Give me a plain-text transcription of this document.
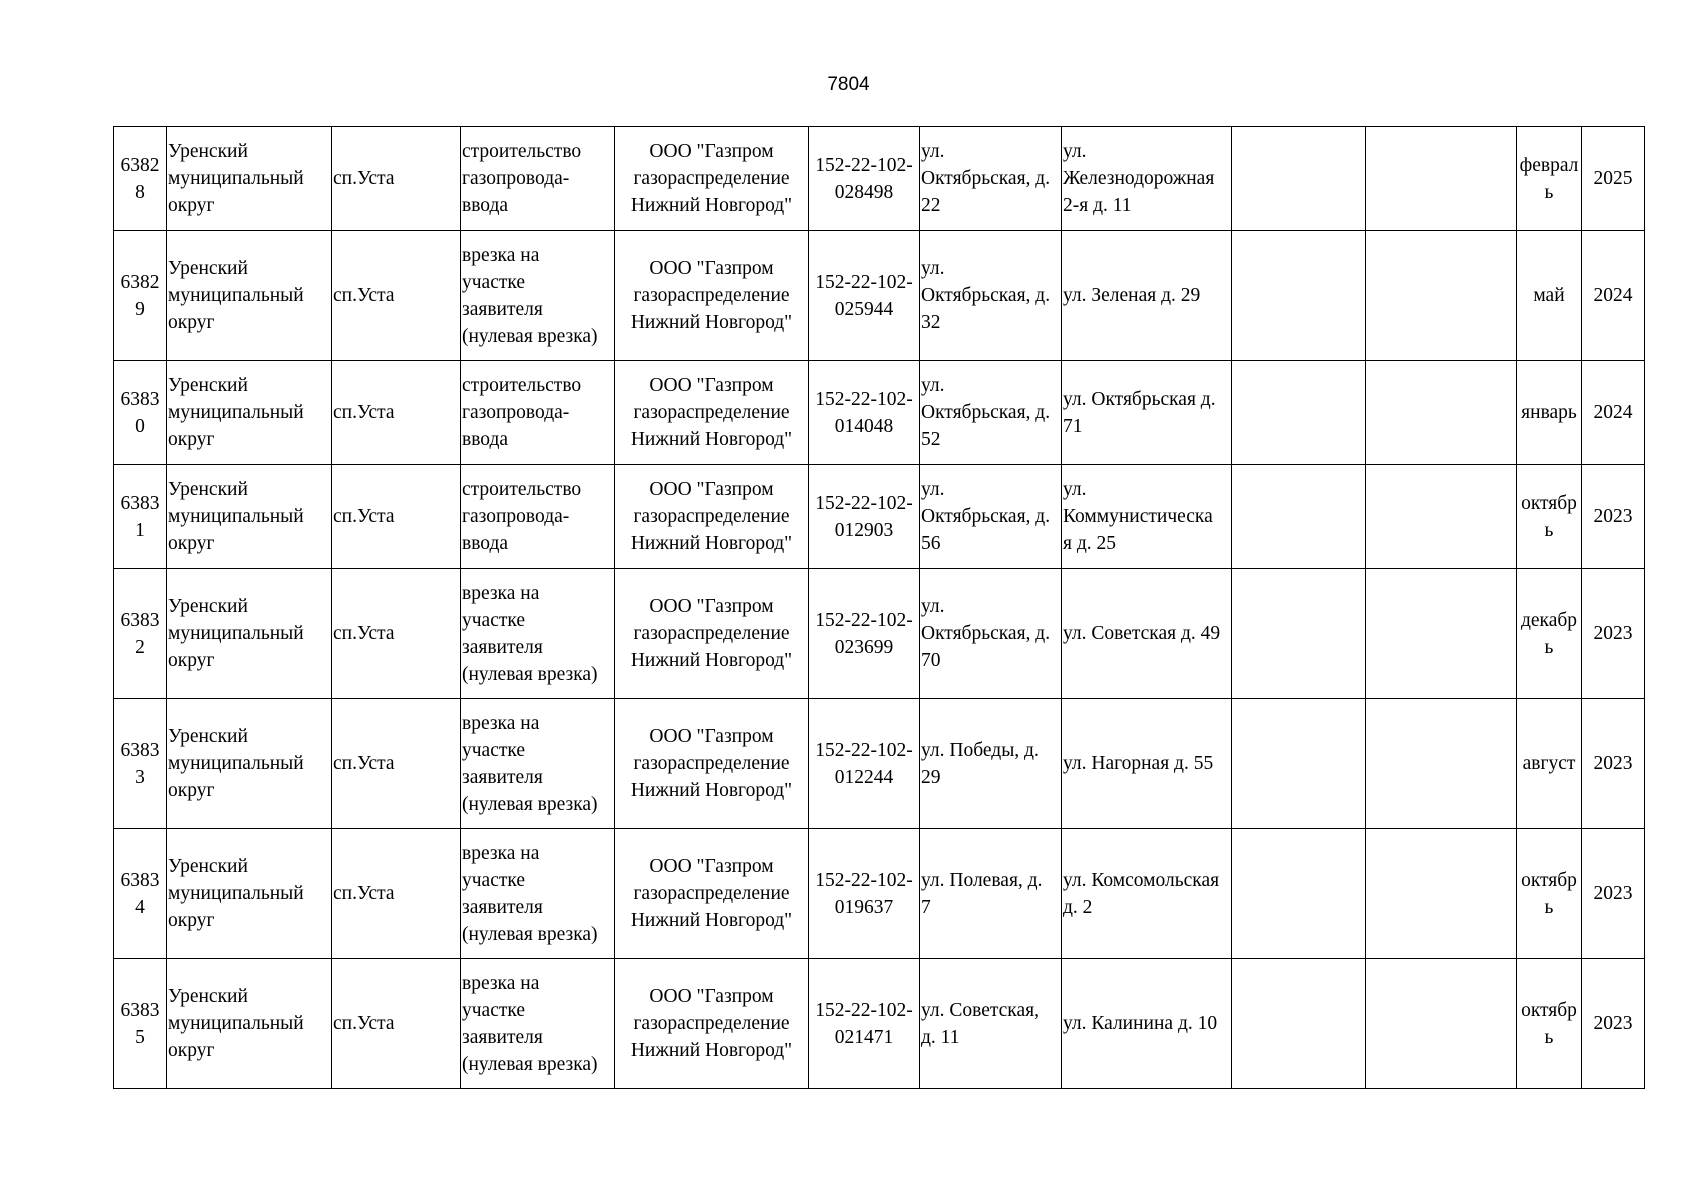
7804
6382
8	Уренский
муниципальный
округ	сп.Уста	строительство
газопровода-
ввода	ООО "Газпром
газораспределение
Нижний Новгород"	152-22-102-
028498	ул.
Октябрьская, д.
22	ул.
Железнодорожная
2-я д. 11			феврал
ь	2025
6382
9	Уренский
муниципальный
округ	сп.Уста	врезка на
участке
заявителя
(нулевая врезка)	ООО "Газпром
газораспределение
Нижний Новгород"	152-22-102-
025944	ул.
Октябрьская, д.
32	ул. Зеленая д. 29			май	2024
6383
0	Уренский
муниципальный
округ	сп.Уста	строительство
газопровода-
ввода	ООО "Газпром
газораспределение
Нижний Новгород"	152-22-102-
014048	ул.
Октябрьская, д.
52	ул. Октябрьская д.
71			январь	2024
6383
1	Уренский
муниципальный
округ	сп.Уста	строительство
газопровода-
ввода	ООО "Газпром
газораспределение
Нижний Новгород"	152-22-102-
012903	ул.
Октябрьская, д.
56	ул.
Коммунистическа
я д. 25			октябр
ь	2023
6383
2	Уренский
муниципальный
округ	сп.Уста	врезка на
участке
заявителя
(нулевая врезка)	ООО "Газпром
газораспределение
Нижний Новгород"	152-22-102-
023699	ул.
Октябрьская, д.
70	ул. Советская д. 49			декабр
ь	2023
6383
3	Уренский
муниципальный
округ	сп.Уста	врезка на
участке
заявителя
(нулевая врезка)	ООО "Газпром
газораспределение
Нижний Новгород"	152-22-102-
012244	ул. Победы, д.
29	ул. Нагорная д. 55			август	2023
6383
4	Уренский
муниципальный
округ	сп.Уста	врезка на
участке
заявителя
(нулевая врезка)	ООО "Газпром
газораспределение
Нижний Новгород"	152-22-102-
019637	ул. Полевая, д.
7	ул. Комсомольская
д. 2			октябр
ь	2023
6383
5	Уренский
муниципальный
округ	сп.Уста	врезка на
участке
заявителя
(нулевая врезка)	ООО "Газпром
газораспределение
Нижний Новгород"	152-22-102-
021471	ул. Советская,
д. 11	ул. Калинина д. 10			октябр
ь	2023
